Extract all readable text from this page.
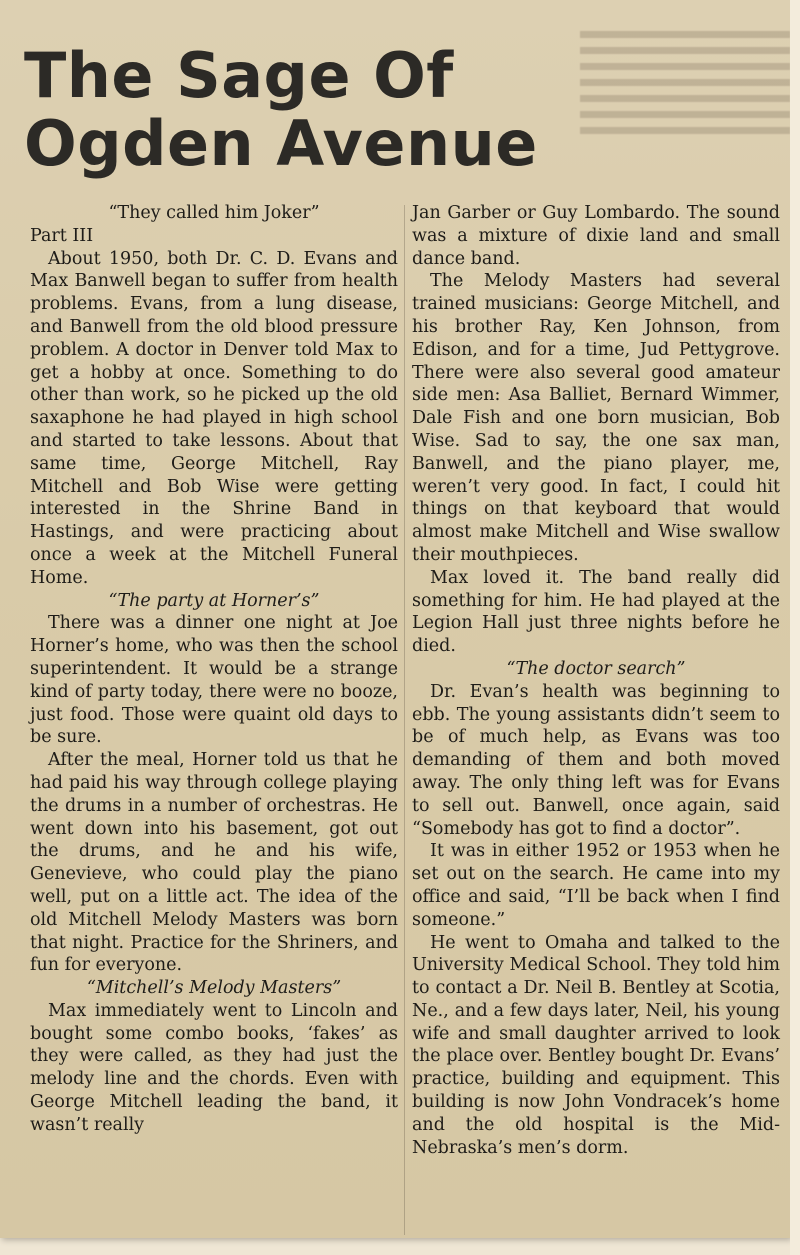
The Sage Of
Ogden Avenue

“They called him Joker”

Part III

About 1950, both Dr. C. D. Evans and Max Banwell began to suffer from health problems. Evans, from a lung disease, and Banwell from the old blood pressure problem. A doctor in Denver told Max to get a hobby at once. Something to do other than work, so he picked up the old saxaphone he had played in high school and started to take lessons. About that same time, George Mitchell, Ray Mitchell and Bob Wise were getting interested in the Shrine Band in Hastings, and were practicing about once a week at the Mitchell Funeral Home.

“The party at Horner’s”

There was a dinner one night at Joe Horner’s home, who was then the school superintendent. It would be a strange kind of party today, there were no booze, just food. Those were quaint old days to be sure.

After the meal, Horner told us that he had paid his way through college playing the drums in a number of orchestras. He went down into his basement, got out the drums, and he and his wife, Genevieve, who could play the piano well, put on a little act. The idea of the old Mitchell Melody Masters was born that night. Practice for the Shriners, and fun for everyone.

“Mitchell’s Melody Masters”

Max immediately went to Lincoln and bought some combo books, ‘fakes’ as they were called, as they had just the melody line and the chords. Even with George Mitchell leading the band, it wasn’t really

Jan Garber or Guy Lombardo. The sound was a mixture of dixie land and small dance band.

The Melody Masters had several trained musicians: George Mitchell, and his brother Ray, Ken Johnson, from Edison, and for a time, Jud Pettygrove. There were also several good amateur side men: Asa Balliet, Bernard Wimmer, Dale Fish and one born musician, Bob Wise. Sad to say, the one sax man, Banwell, and the piano player, me, weren’t very good. In fact, I could hit things on that keyboard that would almost make Mitchell and Wise swallow their mouthpieces.

Max loved it. The band really did something for him. He had played at the Legion Hall just three nights before he died.

“The doctor search”

Dr. Evan’s health was beginning to ebb. The young assistants didn’t seem to be of much help, as Evans was too demanding of them and both moved away. The only thing left was for Evans to sell out. Banwell, once again, said “Somebody has got to find a doctor”.

It was in either 1952 or 1953 when he set out on the search. He came into my office and said, “I’ll be back when I find someone.”

He went to Omaha and talked to the University Medical School. They told him to contact a Dr. Neil B. Bentley at Scotia, Ne., and a few days later, Neil, his young wife and small daughter arrived to look the place over. Bentley bought Dr. Evans’ practice, building and equipment. This building is now John Vondracek’s home and the old hospital is the Mid-Nebraska’s men’s dorm.
